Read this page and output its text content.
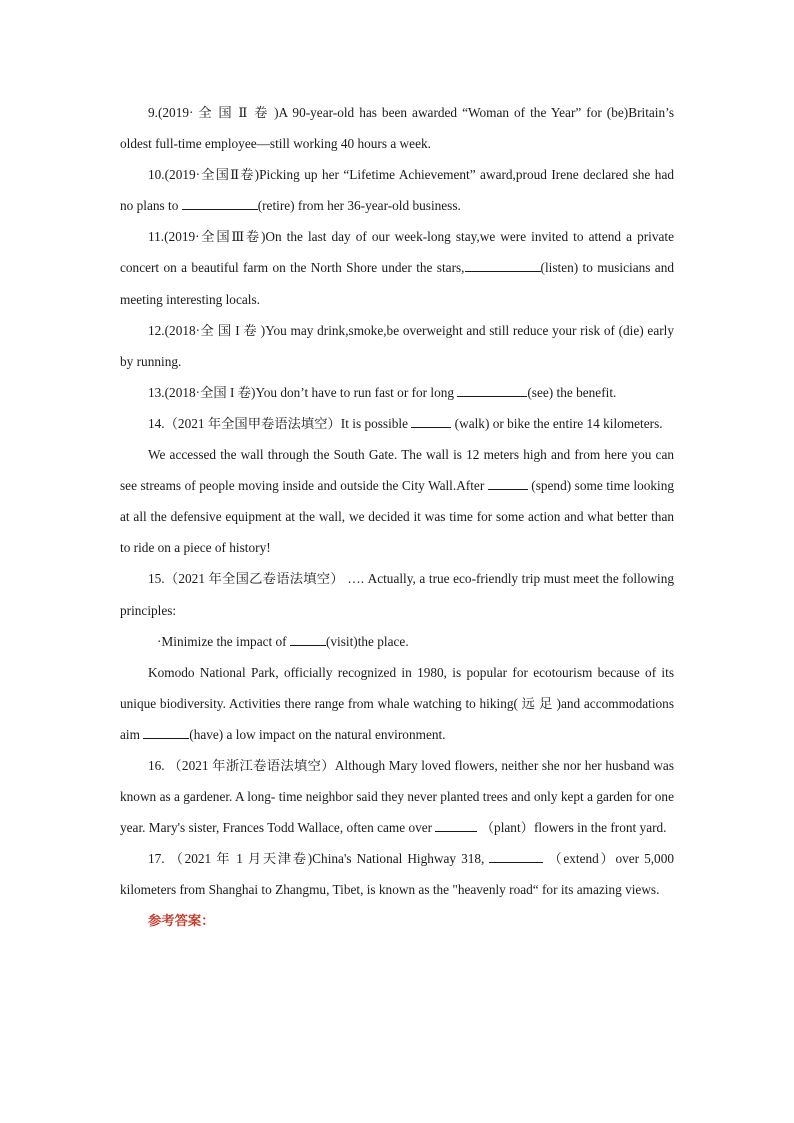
9.(2019· 全 国 Ⅱ 卷 )A 90-year-old has been awarded “Woman of the Year” for (be)Britain’s oldest full-time employee—still working 40 hours a week.

10.(2019·全国Ⅱ卷)Picking up her “Lifetime Achievement” award,proud Irene declared she had no plans to	(retire) from her 36-year-old business.

11.(2019·全国Ⅲ卷)On the last day of our week-long stay,we were invited to attend a private concert on a beautiful farm on the North Shore under the stars,	(listen) to musicians and meeting interesting locals.

12.(2018·全 国 I 卷 )You may drink,smoke,be overweight and still reduce your risk of (die) early by running.

13.(2018·全国 I 卷)You don’t have to run fast or for long	(see) the benefit.

14.（2021 年全国甲卷语法填空）It is possible	(walk) or bike the entire 14 kilometers.

We accessed the wall through the South Gate. The wall is 12 meters high and from here you can see streams of people moving inside and outside the City Wall.After	(spend) some time looking at all the defensive equipment at the wall, we decided it was time for some action and what better than to ride on a piece of history!

15.（2021 年全国乙卷语法填空） …. Actually, a true eco-friendly trip must meet the following principles:

·Minimize the impact of	(visit)the place.

Komodo National Park, officially recognized in 1980, is popular for ecotourism because of its unique biodiversity. Activities there range from whale watching to hiking( 远 足 )and accommodations aim	(have) a low impact on the natural environment.

16. （2021 年浙江卷语法填空）Although Mary loved flowers, neither she nor her husband was known as a gardener. A long- time neighbor said they never planted trees and only kept a garden for one year. Mary's sister, Frances Todd Wallace, often came over	（plant）flowers in the front yard.

17. （2021 年 1 月天津卷)China's National Highway 318,	（extend）over 5,000 kilometers from Shanghai to Zhangmu, Tibet, is known as the "heavenly road“ for its amazing views.

参考答案：
